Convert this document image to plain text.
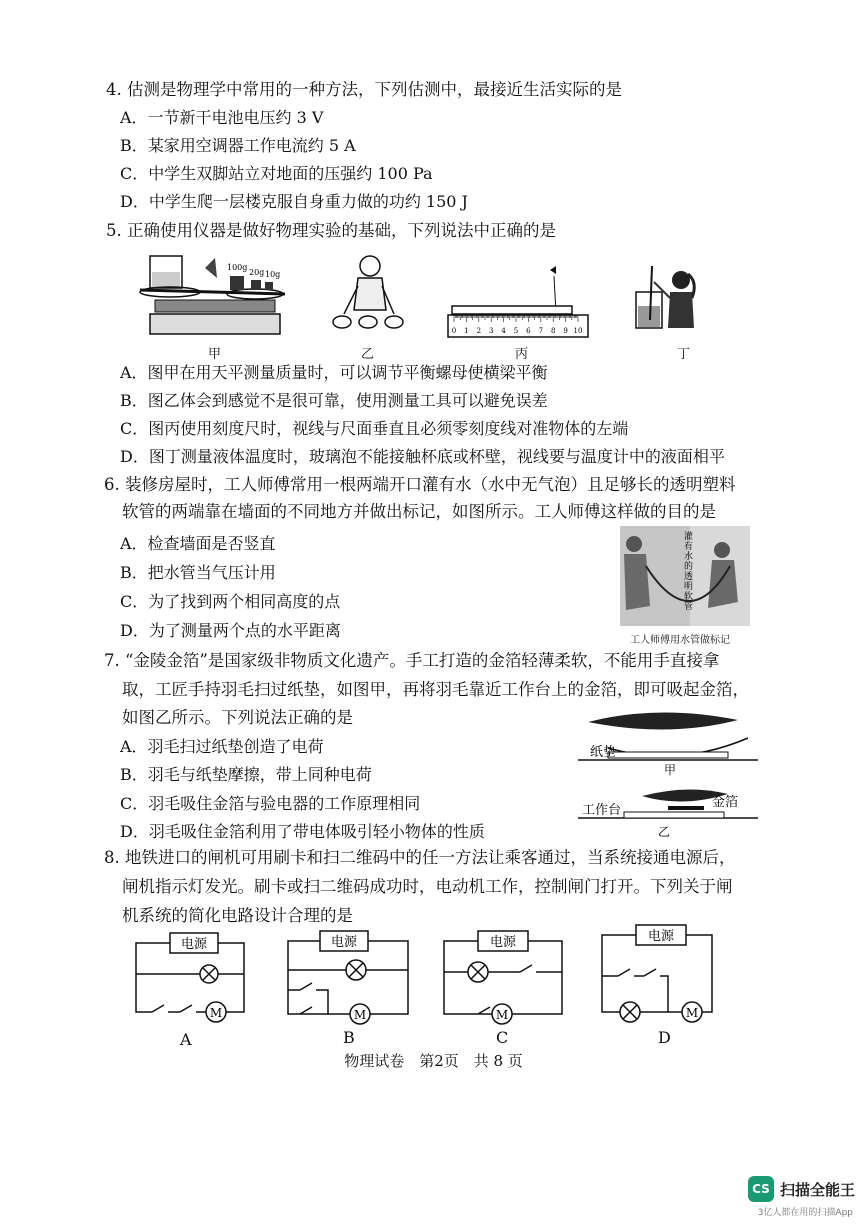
4. 估测是物理学中常用的一种方法，下列估测中，最接近生活实际的是
A．一节新干电池电压约 3 V
B．某家用空调器工作电流约 5 A
C．中学生双脚站立对地面的压强约 100 Pa
D．中学生爬一层楼克服自身重力做的功约 150 J
5. 正确使用仪器是做好物理实验的基础，下列说法中正确的是
100g
20g 10g
甲	乙
0 1 2 3 4 5 6 7 8 9 10
丙	丁
A．图甲在用天平测量质量时，可以调节平衡螺母使横梁平衡
B．图乙体会到感觉不是很可靠，使用测量工具可以避免误差
C．图丙使用刻度尺时，视线与尺面垂直且必须零刻度线对准物体的左端
D．图丁测量液体温度时，玻璃泡不能接触杯底或杯壁，视线要与温度计中的液面相平
6. 装修房屋时，工人师傅常用一根两端开口灌有水（水中无气泡）且足够长的透明塑料
软管的两端靠在墙面的不同地方并做出标记，如图所示。工人师傅这样做的目的是
A．检查墙面是否竖直
B．把水管当气压计用
C．为了找到两个相同高度的点
D．为了测量两个点的水平距离
灌有水的透明软管
工人师傅用水管做标记
7. “金陵金箔”是国家级非物质文化遗产。手工打造的金箔轻薄柔软，不能用手直接拿
取，工匠手持羽毛扫过纸垫，如图甲，再将羽毛靠近工作台上的金箔，即可吸起金箔，
如图乙所示。下列说法正确的是
A．羽毛扫过纸垫创造了电荷
B．羽毛与纸垫摩擦，带上同种电荷
C．羽毛吸住金箔与验电器的工作原理相同
D．羽毛吸住金箔利用了带电体吸引轻小物体的性质
纸垫
甲
工作台
金箔
乙
8. 地铁进口的闸机可用刷卡和扫二维码中的任一方法让乘客通过，当系统接通电源后，
闸机指示灯发光。刷卡或扫二维码成功时，电动机工作，控制闸门打开。下列关于闸
机系统的简化电路设计合理的是
电源
M
A
电源
M
B
电源
M
C
电源
M
D
物理试卷　第2页　共 8 页
CS 扫描全能王
3亿人都在用的扫描App
